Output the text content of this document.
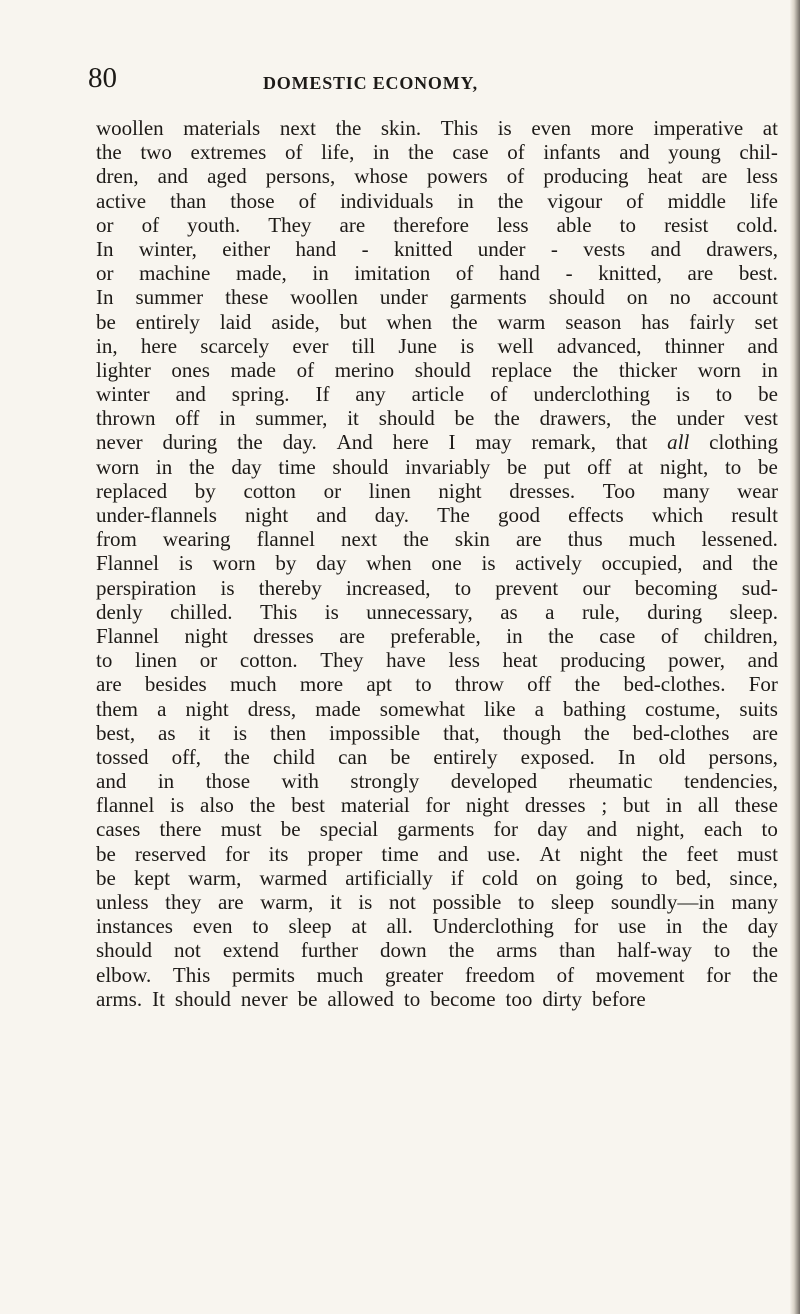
80	DOMESTIC ECONOMY,
woollen materials next the skin. This is even more imperative at
the two extremes of life, in the case of infants and young chil-
dren, and aged persons, whose powers of producing heat are less
active than those of individuals in the vigour of middle life
or of youth. They are therefore less able to resist cold.
In winter, either hand - knitted under - vests and drawers,
or machine made, in imitation of hand - knitted, are best.
In summer these woollen under garments should on no account
be entirely laid aside, but when the warm season has fairly set
in, here scarcely ever till June is well advanced, thinner and
lighter ones made of merino should replace the thicker worn in
winter and spring. If any article of underclothing is to be
thrown off in summer, it should be the drawers, the under vest
never during the day. And here I may remark, that all clothing
worn in the day time should invariably be put off at night, to be
replaced by cotton or linen night dresses. Too many wear
under-flannels night and day. The good effects which result
from wearing flannel next the skin are thus much lessened.
Flannel is worn by day when one is actively occupied, and the
perspiration is thereby increased, to prevent our becoming sud-
denly chilled. This is unnecessary, as a rule, during sleep.
Flannel night dresses are preferable, in the case of children,
to linen or cotton. They have less heat producing power, and
are besides much more apt to throw off the bed-clothes. For
them a night dress, made somewhat like a bathing costume, suits
best, as it is then impossible that, though the bed-clothes are
tossed off, the child can be entirely exposed. In old persons,
and in those with strongly developed rheumatic tendencies,
flannel is also the best material for night dresses ; but in all these
cases there must be special garments for day and night, each to
be reserved for its proper time and use. At night the feet must
be kept warm, warmed artificially if cold on going to bed, since,
unless they are warm, it is not possible to sleep soundly—in many
instances even to sleep at all. Underclothing for use in the day
should not extend further down the arms than half-way to the
elbow. This permits much greater freedom of movement for the
arms. It should never be allowed to become too dirty before
